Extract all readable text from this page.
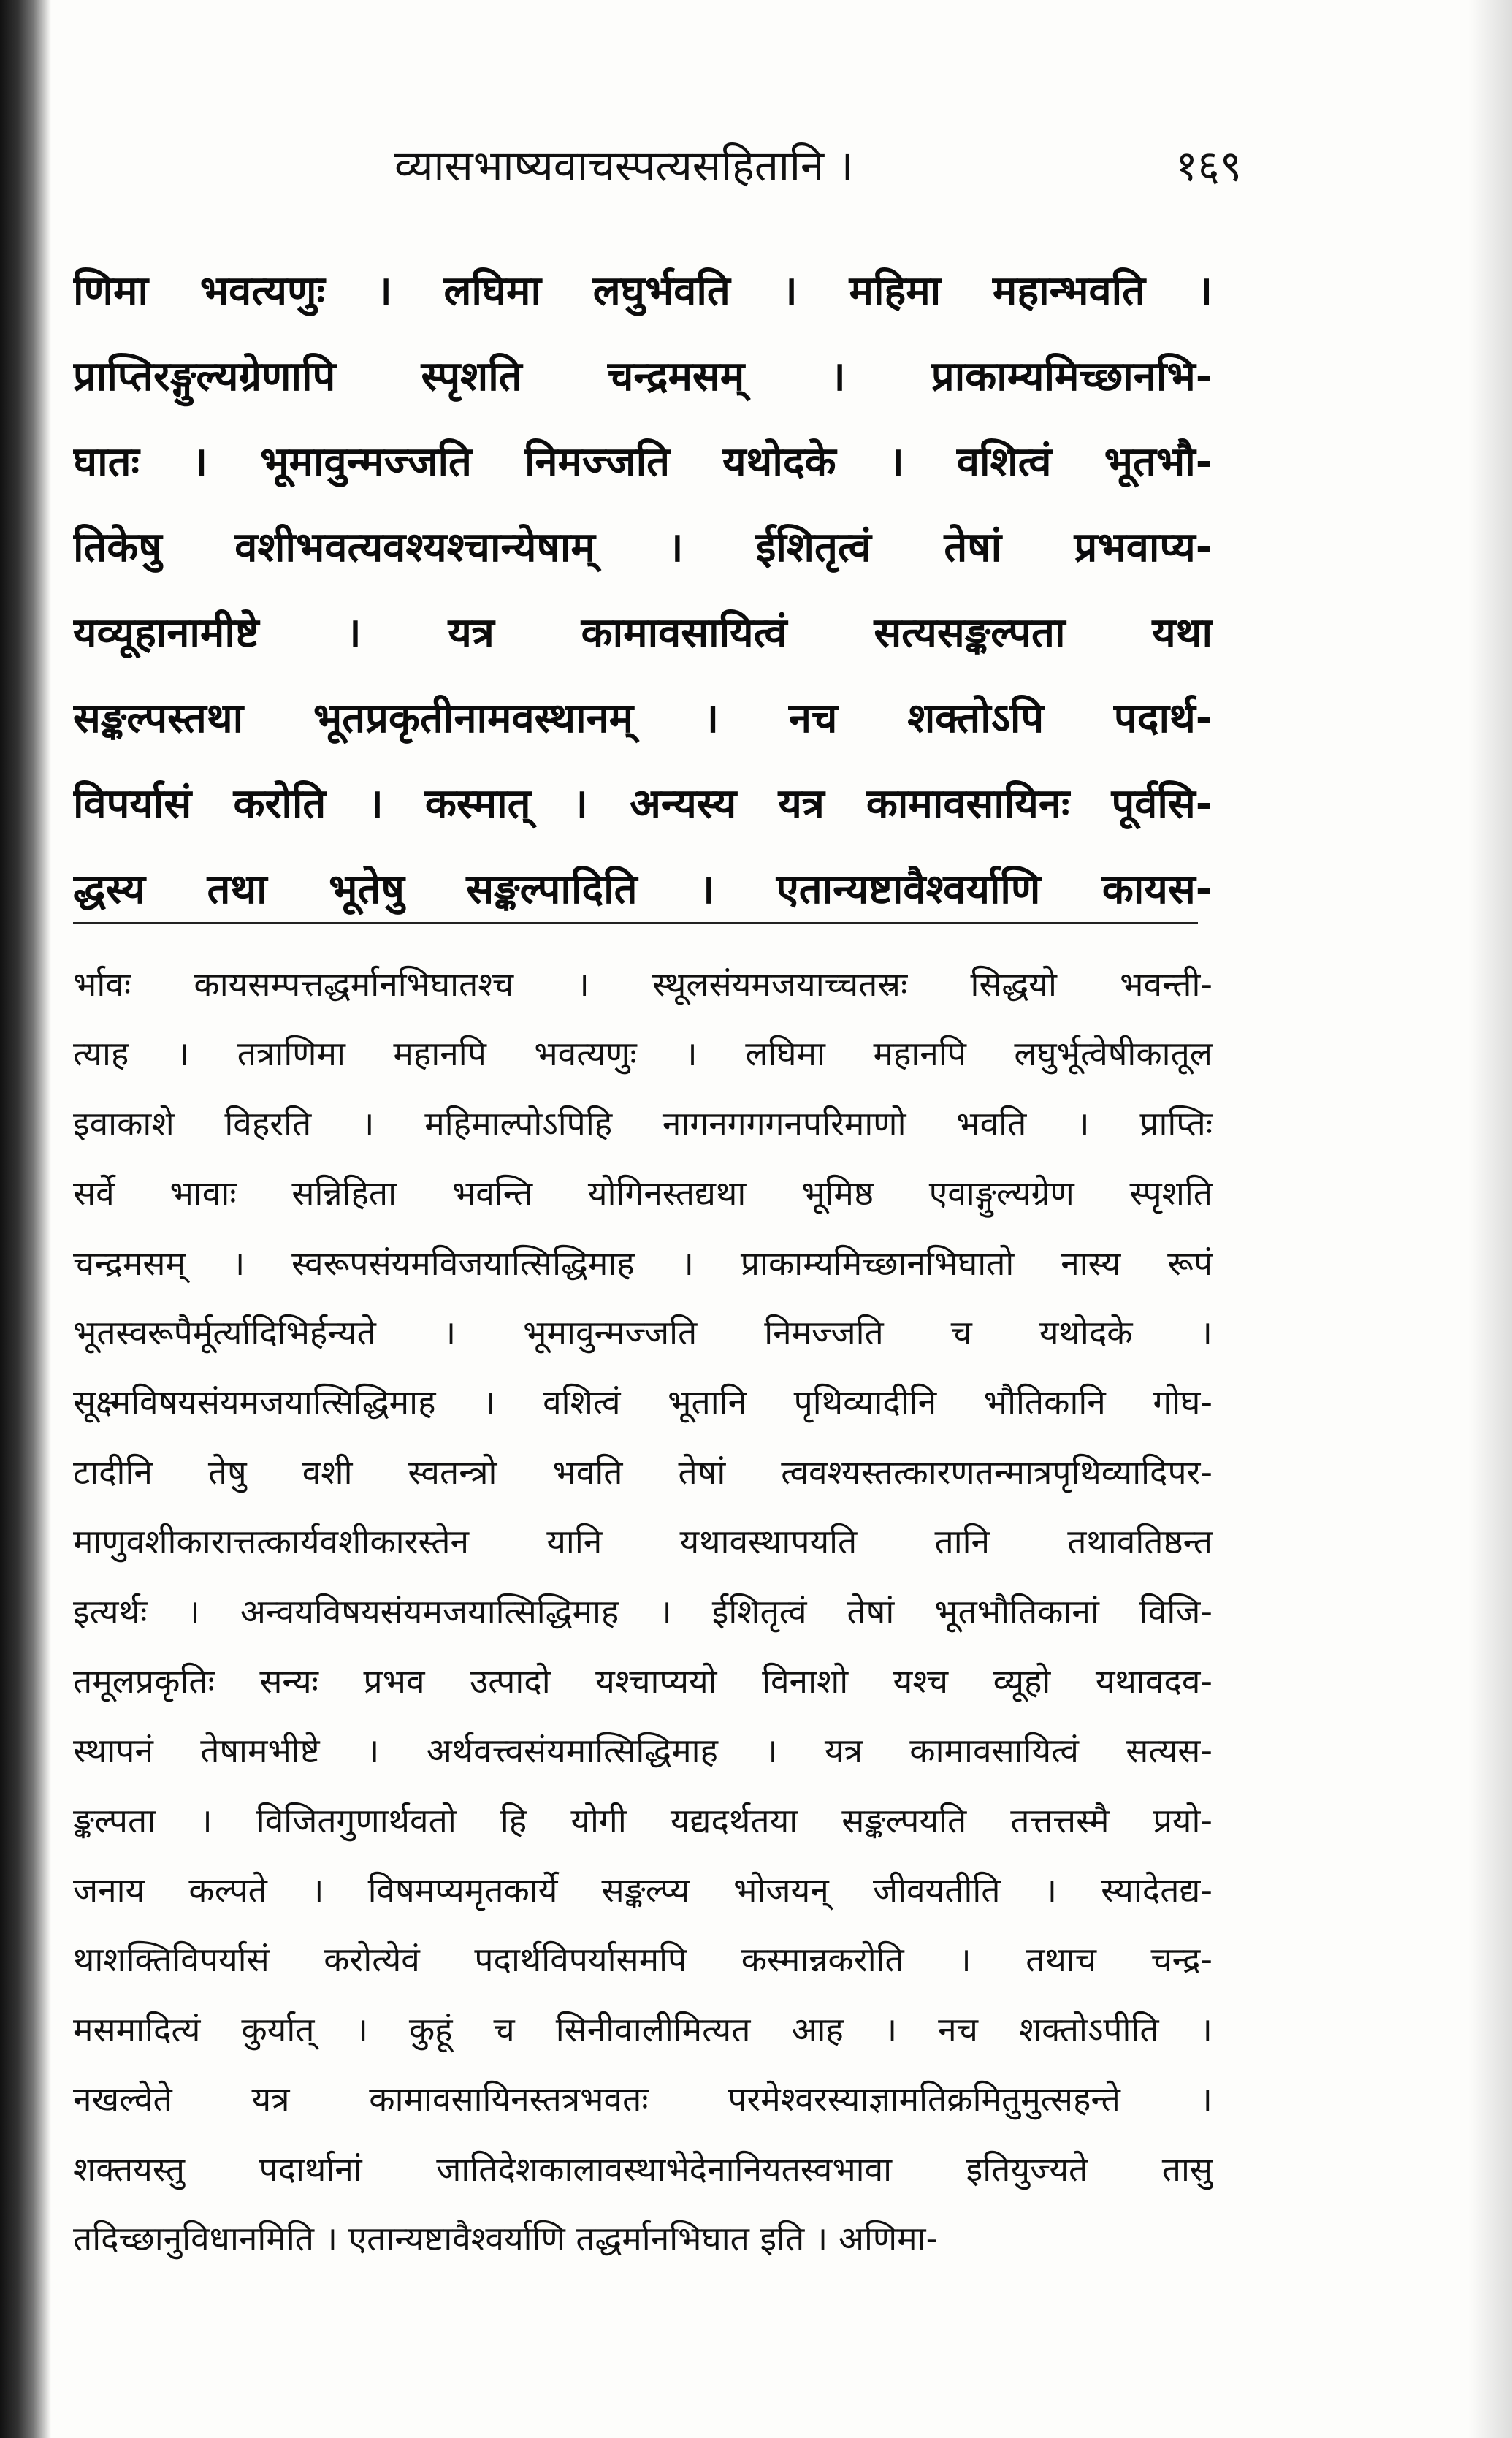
व्यासभाष्यवाचस्पत्यसहितानि ।	१६९
णिमा भवत्यणुः । लघिमा लघुर्भवति । महिमा महान्भवति ।
प्राप्तिरङ्गुल्यग्रेणापि स्पृशति चन्द्रमसम् । प्राकाम्यमिच्छानभि-
घातः । भूमावुन्मज्जति निमज्जति यथोदके । वशित्वं भूतभौ-
तिकेषु वशीभवत्यवश्यश्चान्येषाम् । ईशितृत्वं तेषां प्रभवाप्य-
यव्यूहानामीष्टे । यत्र कामावसायित्वं सत्यसङ्कल्पता यथा
सङ्कल्पस्तथा भूतप्रकृतीनामवस्थानम् । नच शक्तोऽपि पदार्थ-
विपर्यासं करोति । कस्मात् । अन्यस्य यत्र कामावसायिनः पूर्वसि-
द्धस्य तथा भूतेषु सङ्कल्पादिति । एतान्यष्टावैश्वर्याणि कायस-
र्भावः कायसम्पत्तद्धर्मानभिघातश्च । स्थूलसंयमजयाच्चतस्रः सिद्धयो भवन्ती-
त्याह । तत्राणिमा महानपि भवत्यणुः । लघिमा महानपि लघुर्भूत्वेषीकातूल
इवाकाशे विहरति । महिमाल्पोऽपिहि नागनगगगनपरिमाणो भवति । प्राप्तिः
सर्वे भावाः सन्निहिता भवन्ति योगिनस्तद्यथा भूमिष्ठ एवाङ्गुल्यग्रेण स्पृशति
चन्द्रमसम् । स्वरूपसंयमविजयात्सिद्धिमाह । प्राकाम्यमिच्छानभिघातो नास्य रूपं
भूतस्वरूपैर्मूर्त्यादिभिर्हन्यते । भूमावुन्मज्जति निमज्जति च यथोदके ।
सूक्ष्मविषयसंयमजयात्सिद्धिमाह । वशित्वं भूतानि पृथिव्यादीनि भौतिकानि गोघ-
टादीनि तेषु वशी स्वतन्त्रो भवति तेषां त्ववश्यस्तत्कारणतन्मात्रपृथिव्यादिपर-
माणुवशीकारात्तत्कार्यवशीकारस्तेन यानि यथावस्थापयति तानि तथावतिष्ठन्त
इत्यर्थः । अन्वयविषयसंयमजयात्सिद्धिमाह । ईशितृत्वं तेषां भूतभौतिकानां विजि-
तमूलप्रकृतिः सन्यः प्रभव उत्पादो यश्चाप्ययो विनाशो यश्च व्यूहो यथावदव-
स्थापनं तेषामभीष्टे । अर्थवत्त्वसंयमात्सिद्धिमाह । यत्र कामावसायित्वं सत्यस-
ङ्कल्पता । विजितगुणार्थवतो हि योगी यद्यदर्थतया सङ्कल्पयति तत्तत्तस्मै प्रयो-
जनाय कल्पते । विषमप्यमृतकार्ये सङ्कल्प्य भोजयन् जीवयतीति । स्यादेतद्य-
थाशक्तिविपर्यासं करोत्येवं पदार्थविपर्यासमपि कस्मान्नकरोति । तथाच चन्द्र-
मसमादित्यं कुर्यात् । कुहूं च सिनीवालीमित्यत आह । नच शक्तोऽपीति ।
नखल्वेते यत्र कामावसायिनस्तत्रभवतः परमेश्वरस्याज्ञामतिक्रमितुमुत्सहन्ते ।
शक्तयस्तु पदार्थानां जातिदेशकालावस्थाभेदेनानियतस्वभावा इतियुज्यते तासु
तदिच्छानुविधानमिति । एतान्यष्टावैश्वर्याणि तद्धर्मानभिघात इति । अणिमा-
